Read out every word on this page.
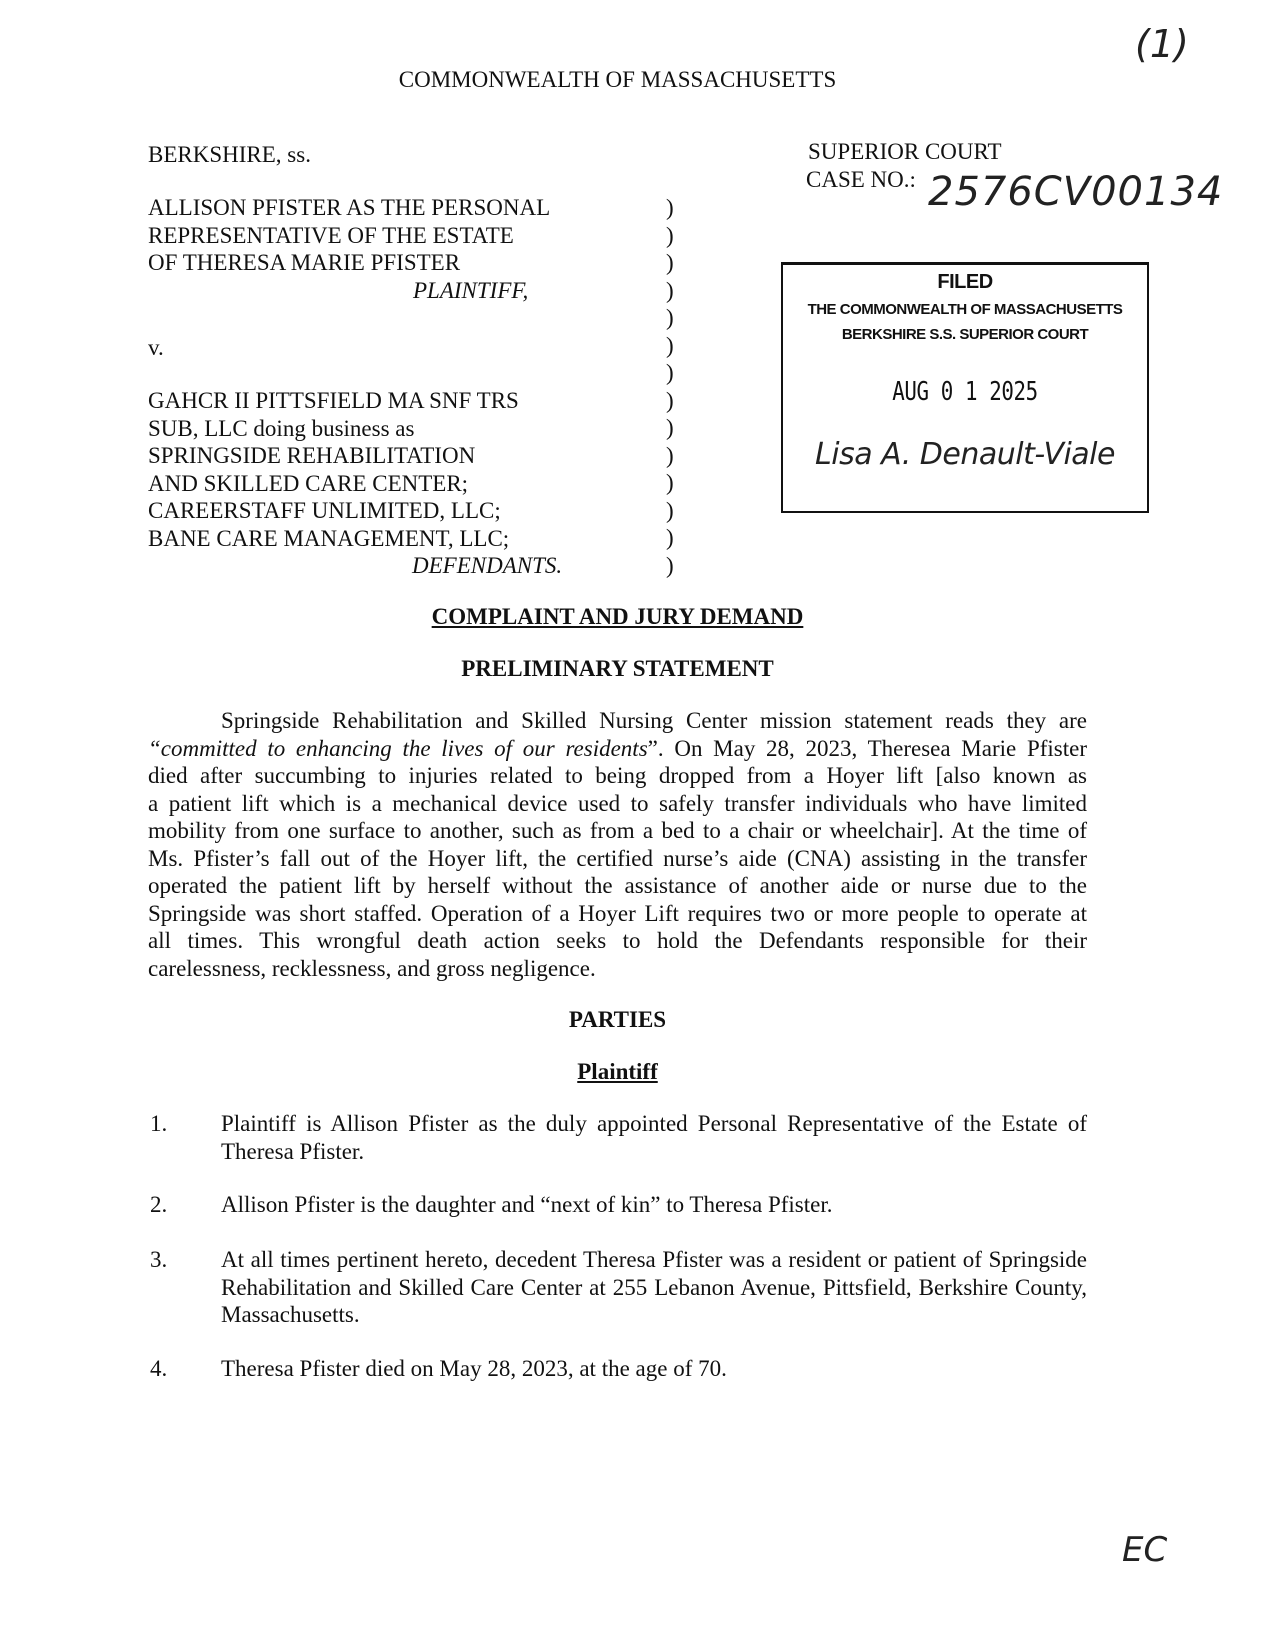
(1)
COMMONWEALTH OF MASSACHUSETTS
BERKSHIRE, ss.	SUPERIOR COURT
CASE NO.: 2576CV00134
ALLISON PFISTER AS THE PERSONAL
REPRESENTATIVE OF THE ESTATE
OF THERESA MARIE PFISTER
PLAINTIFF,
v.
GAHCR II PITTSFIELD MA SNF TRS
SUB, LLC doing business as
SPRINGSIDE REHABILITATION
AND SKILLED CARE CENTER;
CAREERSTAFF UNLIMITED, LLC;
BANE CARE MANAGEMENT, LLC;
DEFENDANTS.
)
)
)
)
)
)
)
)
)
)
)
)
)
)
FILED
THE COMMONWEALTH OF MASSACHUSETTS
BERKSHIRE S.S. SUPERIOR COURT
AUG 0 1 2025
Lisa A. Denault-Viale
COMPLAINT AND JURY DEMAND
PRELIMINARY STATEMENT
Springside Rehabilitation and Skilled Nursing Center mission statement reads they are
“committed to enhancing the lives of our residents”. On May 28, 2023, Theresea Marie Pfister
died after succumbing to injuries related to being dropped from a Hoyer lift [also known as
a patient lift which is a mechanical device used to safely transfer individuals who have limited
mobility from one surface to another, such as from a bed to a chair or wheelchair]. At the time of
Ms. Pfister’s fall out of the Hoyer lift, the certified nurse’s aide (CNA) assisting in the transfer
operated the patient lift by herself without the assistance of another aide or nurse due to the
Springside was short staffed. Operation of a Hoyer Lift requires two or more people to operate at
all times. This wrongful death action seeks to hold the Defendants responsible for their
carelessness, recklessness, and gross negligence.
PARTIES
Plaintiff
1. Plaintiff is Allison Pfister as the duly appointed Personal Representative of the Estate of Theresa Pfister.
2. Allison Pfister is the daughter and “next of kin” to Theresa Pfister.
3. At all times pertinent hereto, decedent Theresa Pfister was a resident or patient of Springside Rehabilitation and Skilled Care Center at 255 Lebanon Avenue, Pittsfield, Berkshire County, Massachusetts.
4. Theresa Pfister died on May 28, 2023, at the age of 70.
EC
